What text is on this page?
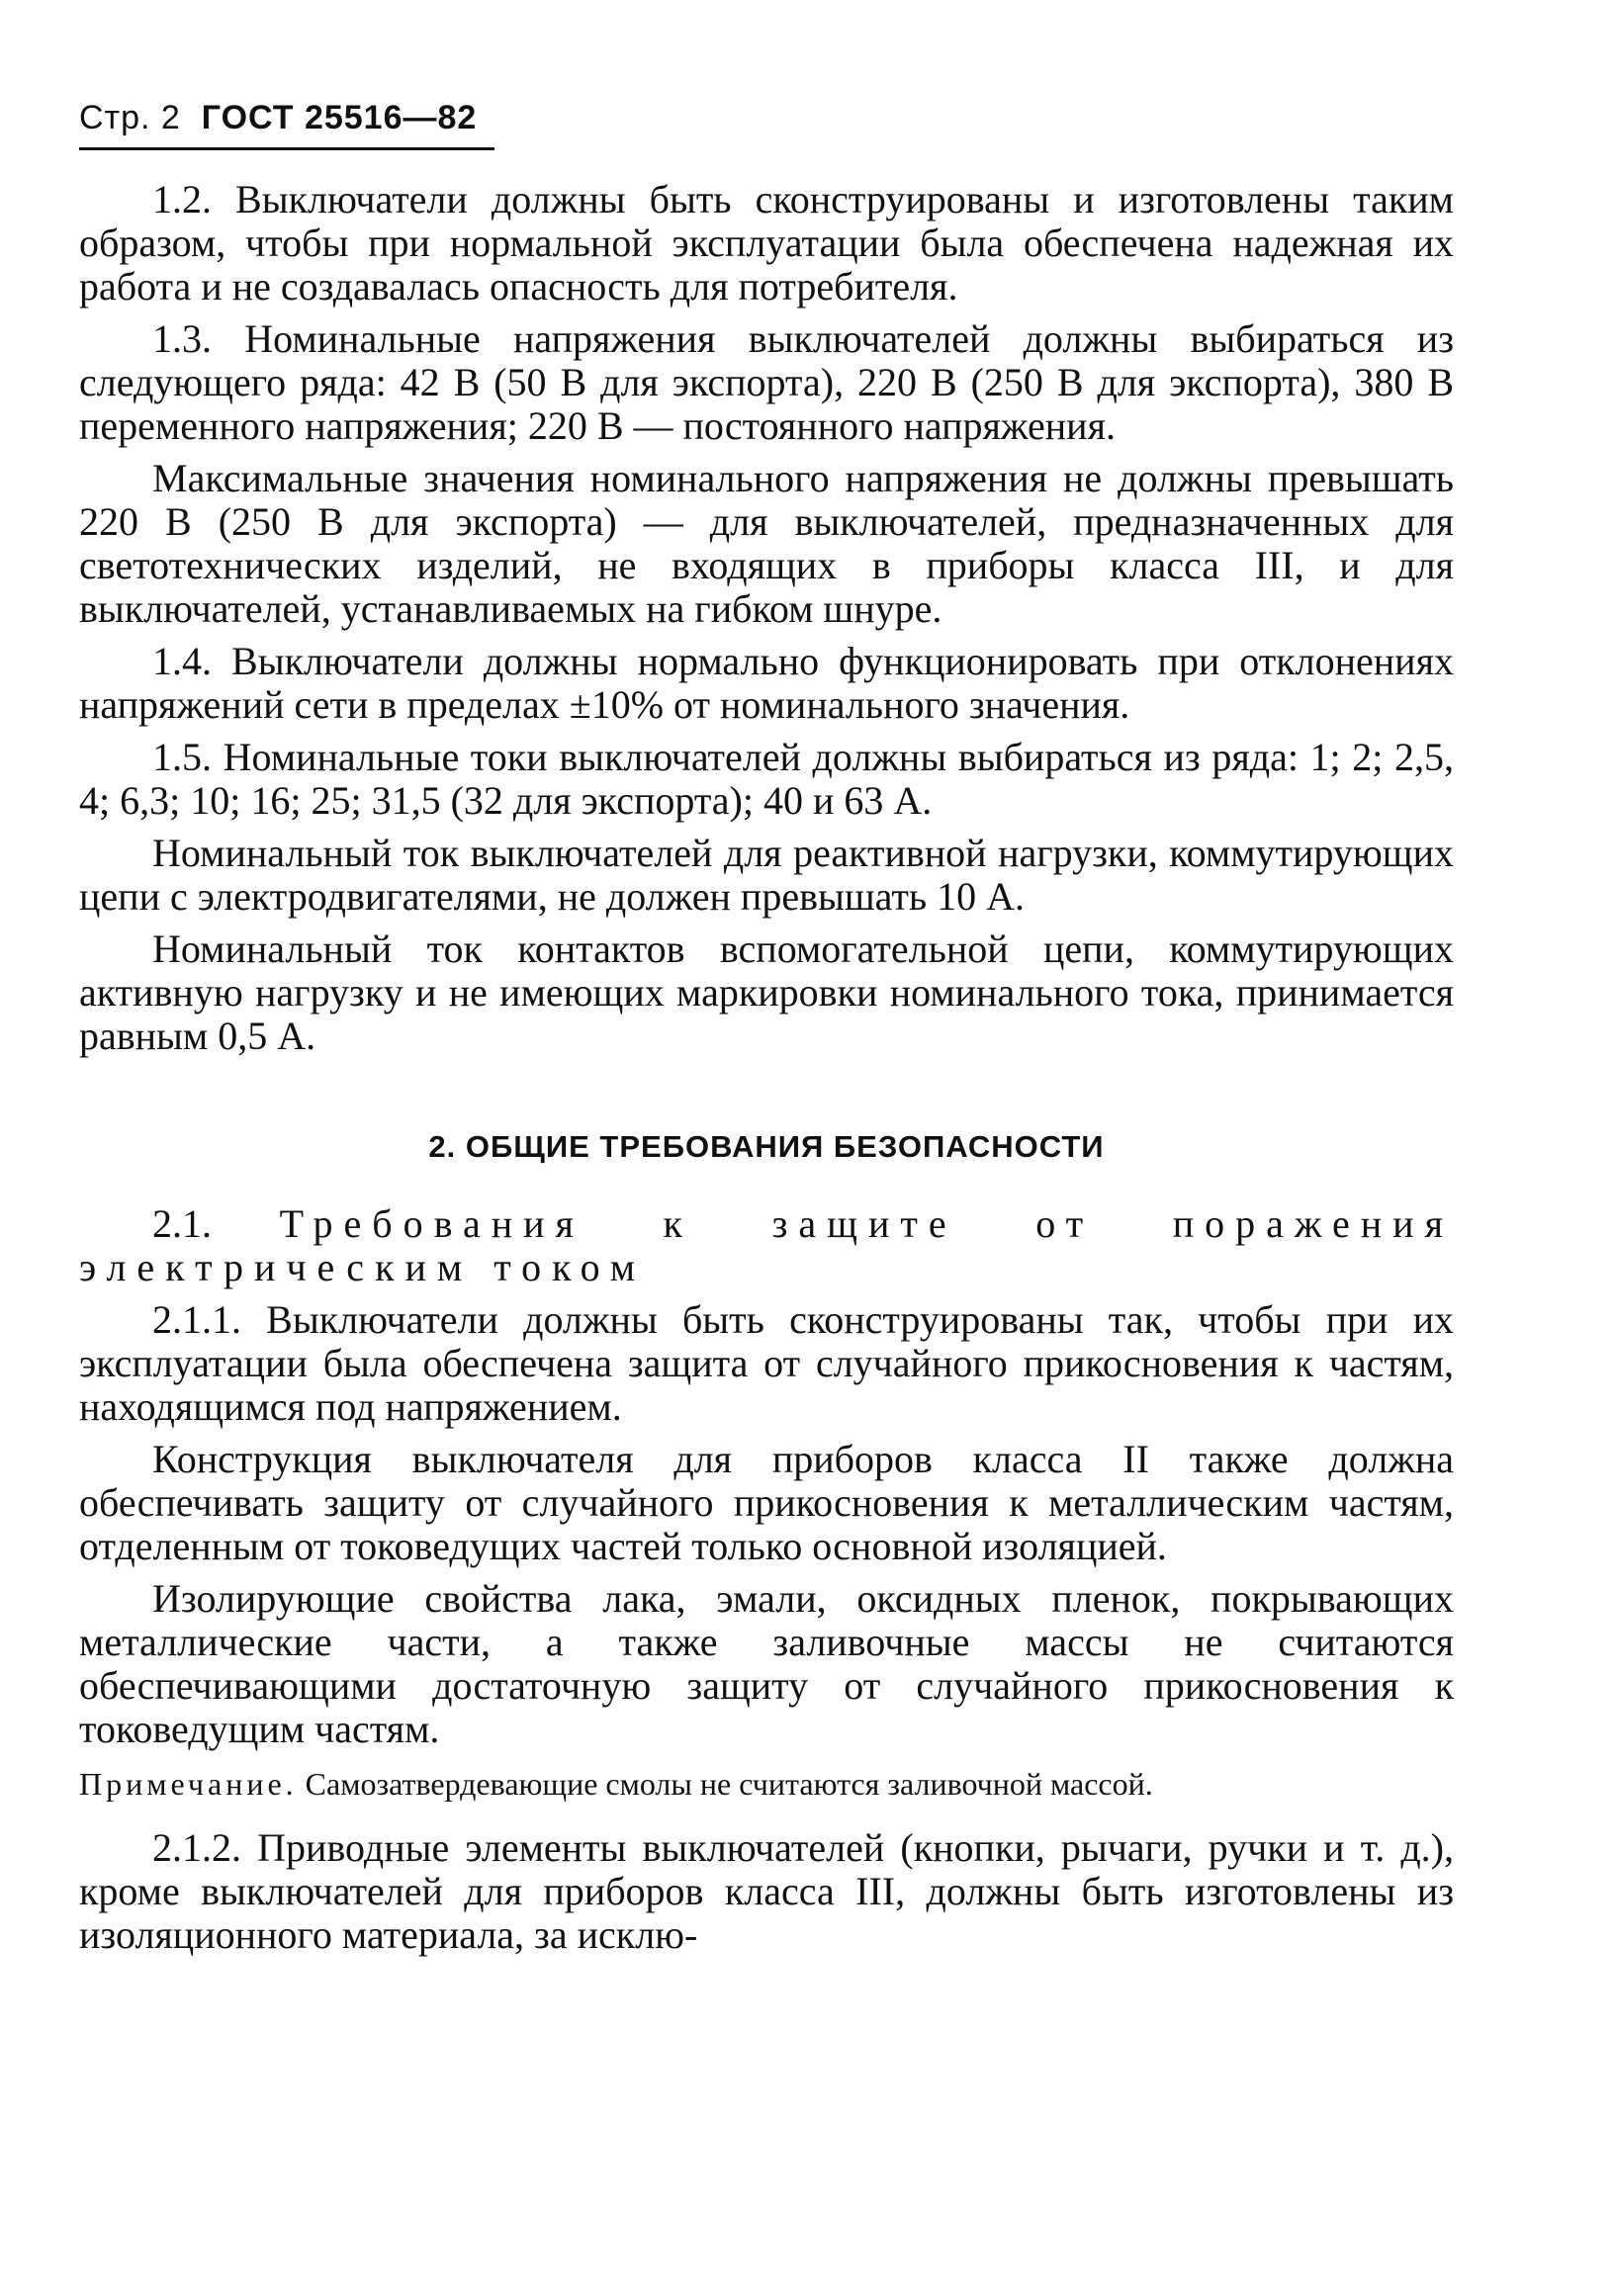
Стр. 2 ГОСТ 25516—82

1.2. Выключатели должны быть сконструированы и изготовлены таким образом, чтобы при нормальной эксплуатации была обеспечена надежная их работа и не создавалась опасность для потребителя.

1.3. Номинальные напряжения выключателей должны выбираться из следующего ряда: 42 В (50 В для экспорта), 220 В (250 В для экспорта), 380 В переменного напряжения; 220 В — постоянного напряжения.

Максимальные значения номинального напряжения не должны превышать 220 В (250 В для экспорта) — для выключателей, предназначенных для светотехнических изделий, не входящих в приборы класса III, и для выключателей, устанавливаемых на гибком шнуре.

1.4. Выключатели должны нормально функционировать при отклонениях напряжений сети в пределах ±10% от номинального значения.

1.5. Номинальные токи выключателей должны выбираться из ряда: 1; 2; 2,5, 4; 6,3; 10; 16; 25; 31,5 (32 для экспорта); 40 и 63 А.

Номинальный ток выключателей для реактивной нагрузки, коммутирующих цепи с электродвигателями, не должен превышать 10 А.

Номинальный ток контактов вспомогательной цепи, коммутирующих активную нагрузку и не имеющих маркировки номинального тока, принимается равным 0,5 А.

2. ОБЩИЕ ТРЕБОВАНИЯ БЕЗОПАСНОСТИ

2.1. Требования к защите от поражения электрическим током

2.1.1. Выключатели должны быть сконструированы так, чтобы при их эксплуатации была обеспечена защита от случайного прикосновения к частям, находящимся под напряжением.

Конструкция выключателя для приборов класса II также должна обеспечивать защиту от случайного прикосновения к металлическим частям, отделенным от токоведущих частей только основной изоляцией.

Изолирующие свойства лака, эмали, оксидных пленок, покрывающих металлические части, а также заливочные массы не считаются обеспечивающими достаточную защиту от случайного прикосновения к токоведущим частям.

Примечание. Самозатвердевающие смолы не считаются заливочной массой.

2.1.2. Приводные элементы выключателей (кнопки, рычаги, ручки и т. д.), кроме выключателей для приборов класса III, должны быть изготовлены из изоляционного материала, за исклю-
